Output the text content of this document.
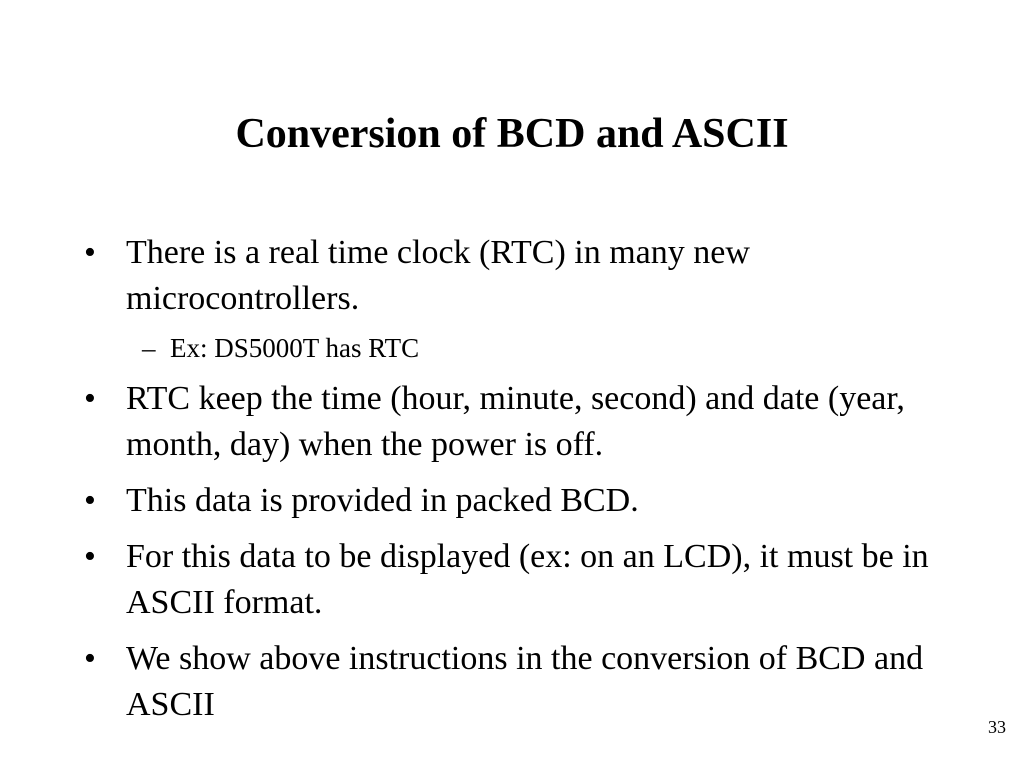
Conversion of BCD and ASCII
• There is a real time clock (RTC) in many new microcontrollers.
– Ex: DS5000T has RTC
• RTC keep the time (hour, minute, second) and date (year, month, day) when the power is off.
• This data is provided in packed BCD.
• For this data to be displayed (ex: on an LCD), it must be in ASCII format.
• We show above instructions in the conversion of BCD and ASCII
33
